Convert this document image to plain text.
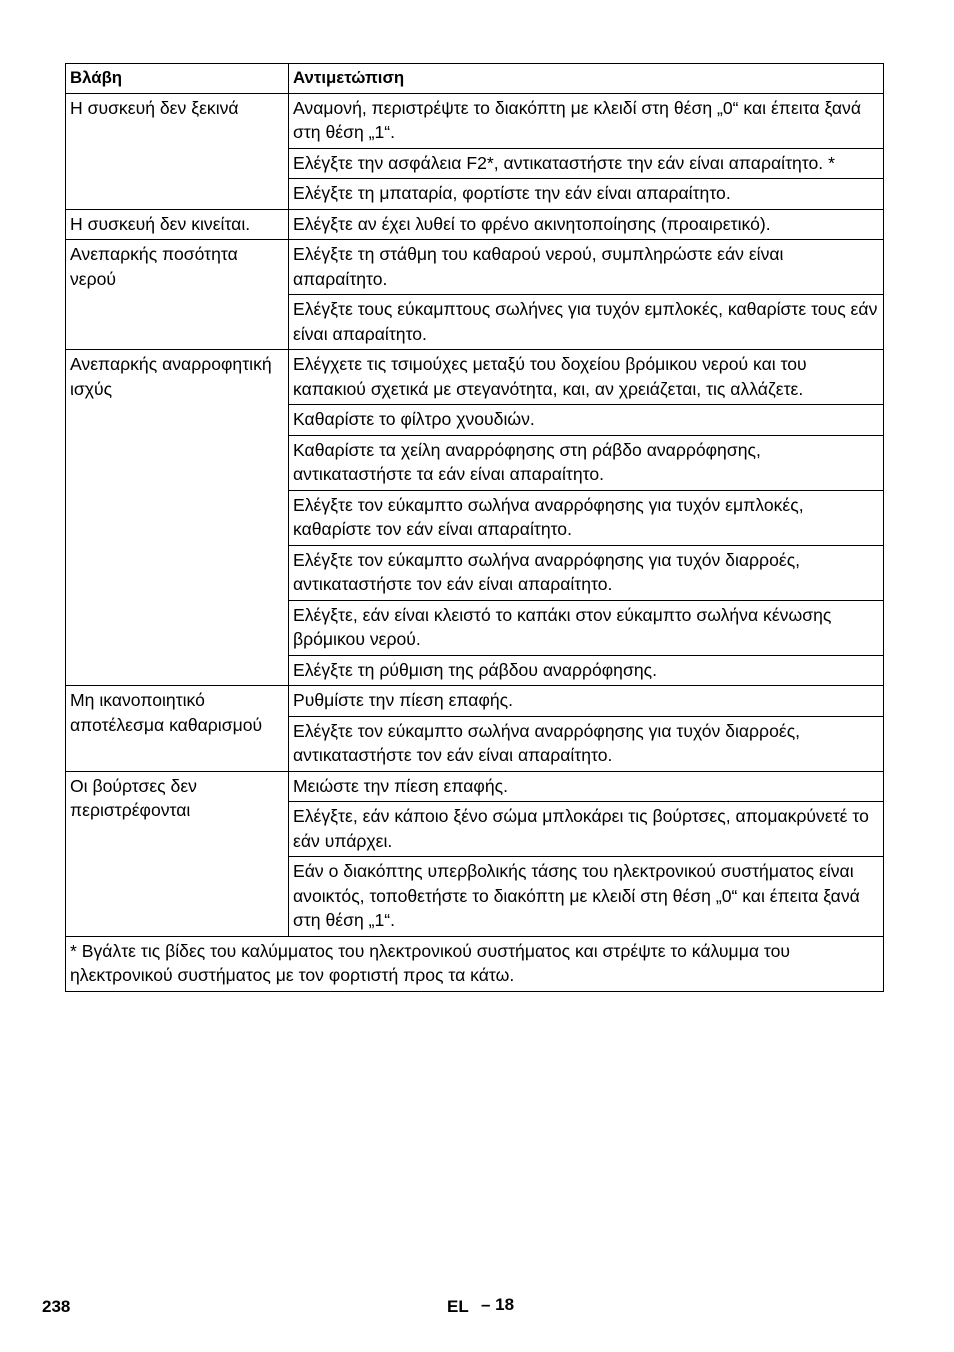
Βλάβη	Αντιμετώπιση
Η συσκευή δεν ξεκινά	Αναμονή, περιστρέψτε το διακόπτη με κλειδί στη θέση „0“ και έπειτα ξανά στη θέση „1“.
	Ελέγξτε την ασφάλεια F2*, αντικαταστήστε την εάν είναι απαραίτητο. *
	Ελέγξτε τη μπαταρία, φορτίστε την εάν είναι απαραίτητο.
Η συσκευή δεν κινείται.	Ελέγξτε αν έχει λυθεί το φρένο ακινητοποίησης (προαιρετικό).
Ανεπαρκής ποσότητα νερού	Ελέγξτε τη στάθμη του καθαρού νερού, συμπληρώστε εάν είναι απαραίτητο.
	Ελέγξτε τους εύκαμπτους σωλήνες για τυχόν εμπλοκές, καθαρίστε τους εάν είναι απαραίτητο.
Ανεπαρκής αναρροφητική ισχύς	Ελέγχετε τις τσιμούχες μεταξύ του δοχείου βρόμικου νερού και του καπακιού σχετικά με στεγανότητα, και, αν χρειάζεται, τις αλλάζετε.
	Καθαρίστε το φίλτρο χνουδιών.
	Καθαρίστε τα χείλη αναρρόφησης στη ράβδο αναρρόφησης, αντικαταστήστε τα εάν είναι απαραίτητο.
	Ελέγξτε τον εύκαμπτο σωλήνα αναρρόφησης για τυχόν εμπλοκές, καθαρίστε τον εάν είναι απαραίτητο.
	Ελέγξτε τον εύκαμπτο σωλήνα αναρρόφησης για τυχόν διαρροές, αντικαταστήστε τον εάν είναι απαραίτητο.
	Ελέγξτε, εάν είναι κλειστό το καπάκι στον εύκαμπτο σωλήνα κένωσης βρόμικου νερού.
	Ελέγξτε τη ρύθμιση της ράβδου αναρρόφησης.
Μη ικανοποιητικό αποτέλεσμα καθαρισμού	Ρυθμίστε την πίεση επαφής.
	Ελέγξτε τον εύκαμπτο σωλήνα αναρρόφησης για τυχόν διαρροές, αντικαταστήστε τον εάν είναι απαραίτητο.
Οι βούρτσες δεν περιστρέφονται	Μειώστε την πίεση επαφής.
	Ελέγξτε, εάν κάποιο ξένο σώμα μπλοκάρει τις βούρτσες, απομακρύνετέ το εάν υπάρχει.
	Εάν ο διακόπτης υπερβολικής τάσης του ηλεκτρονικού συστήματος είναι ανοικτός, τοποθετήστε το διακόπτη με κλειδί στη θέση „0“ και έπειτα ξανά στη θέση „1“.
* Βγάλτε τις βίδες του καλύμματος του ηλεκτρονικού συστήματος και στρέψτε το κάλυμμα του ηλεκτρονικού συστήματος με τον φορτιστή προς τα κάτω.	
238	EL – 18
